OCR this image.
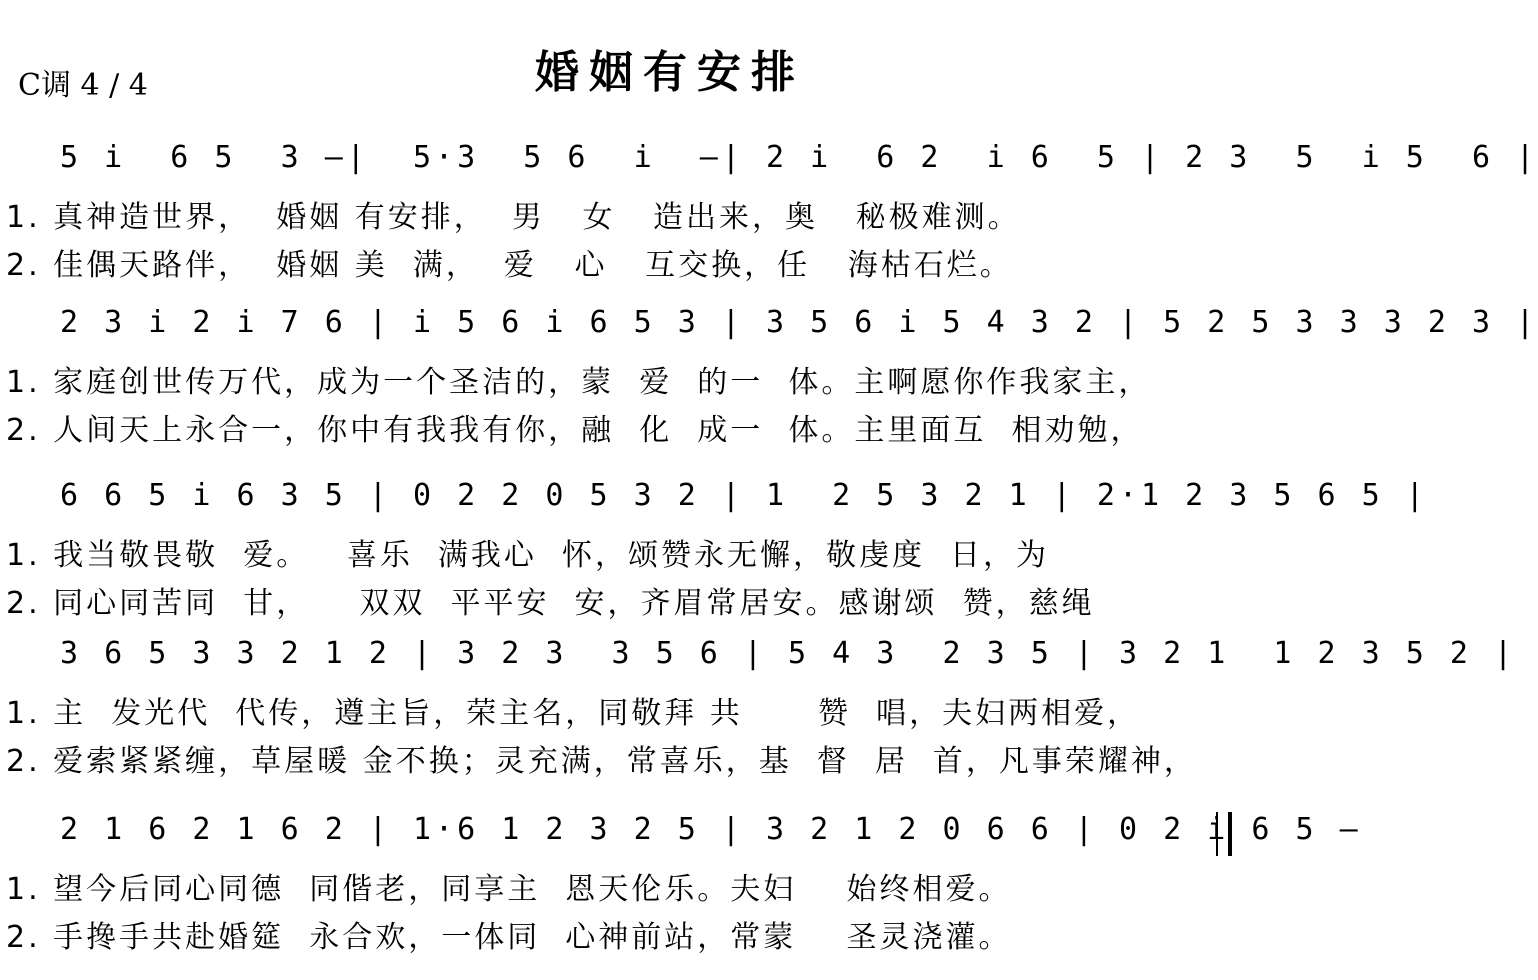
C调 4 / 4	婚姻有安排
5 i  6 5  3 –|  5·3  5 6  i  –| 2 i  6 2  i 6  5 | 2 3  5  i 5  6 |
1. 真神造世界，  婚姻 有安排，  男   女   造出来，奥   秘极难测。
2. 佳偶天路伴，  婚姻 美  满，  爱   心   互交换，任   海枯石烂。
2 3 i 2 i 7 6 | i 5 6 i 6 5 3 | 3 5 6 i 5 4 3 2 | 5 2 5 3 3 3 2 3 |
1. 家庭创世传万代，成为一个圣洁的，蒙  爱  的一  体。主啊愿你作我家主，
2. 人间天上永合一，你中有我我有你，融  化  成一  体。主里面互  相劝勉，
6 6 5 i 6 3 5 | 0 2 2 0 5 3 2 | 1  2 5 3 2 1 | 2·1 2 3 5 6 5 |
1. 我当敬畏敬  爱。   喜乐  满我心  怀，颂赞永无懈，敬虔度  日，为
2. 同心同苦同  甘，    双双  平平安  安，齐眉常居安。感谢颂  赞，慈绳
3 6 5 3 3 2 1 2 | 3 2 3  3 5 6 | 5 4 3  2 3 5 | 3 2 1  1 2 3 5 2 |
1. 主  发光代  代传，遵主旨，荣主名，同敬拜 共      赞  唱，夫妇两相爱，
2. 爱索紧紧缠，草屋暖 金不换；灵充满，常喜乐，基  督  居  首，凡事荣耀神，
2 1 6 2 1 6 2 | 1·6 1 2 3 2 5 | 3 2 1 2 0 6 6 | 0 2 i 6 5 –
1. 望今后同心同德  同偕老，同享主  恩天伦乐。夫妇    始终相爱。
2. 手搀手共赴婚筵  永合欢，一体同  心神前站，常蒙    圣灵浇灌。
